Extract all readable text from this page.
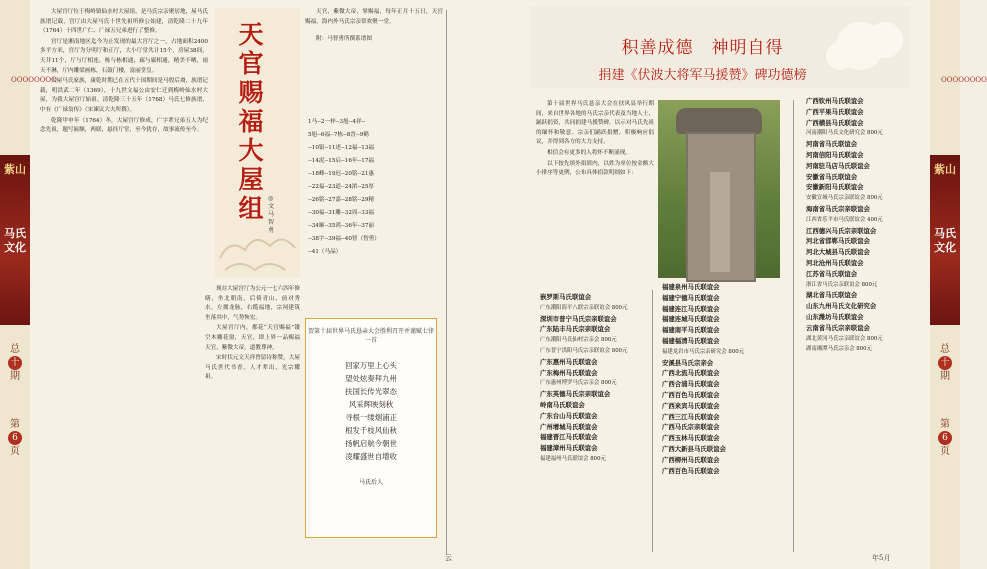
ΟΟΟΟΟΟΟΟ
紫山
马氏文化
总
十
期
第
6
页
ΟΟΟΟΟΟΟΟ
紫山
马氏文化
总
十
期
第
6
页

大屋宫厅位于梅岭镇仙水村大屋组，是马氏宗亲聚居地，屋马氏族谱记载，宫厅由大屋马氏十世先祖所修公始建，清乾隆二十九年（1764）十四世广仁、广禄五兄弟进行了整修。

宫厅是湘南地区迄今为止发现的最大宫厅之一，占地面积2400多平方米，宫厅为分明厅和正厅，大小厅堂共计15个，房屋38间，天井11个，厅与厅相连，栋与栋相通，廊与廊相通，精美不晒，雨天不淋，厅内雕梁画栋，石鼓门楼，富丽堂皇。

大屋马氏家族，康乾时期已在五代十国期间是马殷后裔，族谱记载，明洪武二年（1369），十九世文福公由安仁迁到梅岭仙水村大屋，为我大屋宫厅始祖。清乾隆三十五年（1768）马氏七修族谱，中有《广禄翁传》（宋谏议大夫所撰）。

乾隆甲申年（1764）冬，大屋宫厅修成，广字辈兄弟五人为纪念先祖，题写匾额，两联，悬挂厅堂，至今犹存，故事流传至今。

天官赐福大屋组 ◎文 马智勇

天官，紫微大帝，掌赐福，每年正月十五日，天官赐福，海内外马氏宗亲常欢聚一堂。

附：马智勇所撰系谱图

1马--2一梓--3旭--4祥--
5旭--6福--7栋--8晋--9鹤
--10银--11述--12福--13福
--14泥--15启--16年--17福
--18峰--19迟--20铭--21惠
--22福--23道--24浓--25厚
--26铭--27嘉--28铭--29精
--30福--31雕--32周--33福
--34顺--35鸿--36年--37丽
--38宇--39福--40智（智勇）
--41（马晶）

现存大屋宫厅为公元一七六四年修缮，坐北朝南，后倚青山，前对秀水，左拥龙脉，右揽福地，宗祠建筑坐落其中，气势恢宏。

大屋宫厅内，都花“天官赐福”镂空木雕花窗，天官，即上界一品赐福天官，紫微大帝，道教尊神。

宋时状元文天祥曾留诗称赞，大屋马氏世代书香，人才辈出，光宗耀祖。

贺第十届世界马氏恳亲大会胜利召开并谨赋七律一首
回家万里上心头
望处炫奏拜九州
扶国长传光翠态
风采辉映刻秋
寻根一缕烟浦正
根发千枝风仙秋
扬帆启航今朝世
凌耀盛世自增收
马氏后人
云
积善成德　神明自得
捐建《伏波大将军马援赞》碑功德榜

第十届世界马氏恳亲大会在扶风县举行期间，来自世界各地的马氏宗亲代表及当地人士，踊跃捐资，共同捐建马援赞碑，以示对马氏先祖的缅怀和敬意。宗亲们踊跃捐赠，积极响应倡议，并得到各方的大力支持。

相信会有更多的人将怀不断涌现。

以下按先填外捐填内，以姓为单位按金额大小排序等更例，公布具体捐款明细如下：

嵌罗斯马氏联谊会
广东潮阳海平八联宗亲联谊会 800元
深圳市普宁马氏宗亲联谊会
广东陆丰马氏宗亲联谊会
广东潮阳马氏仙村宗亲会 800元
广东普宁洪阳马氏宗亲联谊会 800元
广东惠州马氏联谊会
广东梅州马氏联谊会
广东惠州博罗马氏宗亲会 800元
广东英德马氏宗亲联谊会
岭南马氏联谊会
广东台山马氏联谊会
广州增城马氏联谊会
福建晋江马氏联谊会
福建漳州马氏联谊会
福建福州马氏联谊会 800元
福建泉州马氏联谊会
福建宁德马氏联谊会
福建连江马氏联谊会
福建连城马氏联谊会
福建南平马氏联谊会
福建福清马氏联谊会
福建龙岩市马氏宗亲研究会 800元
安溪县马氏宗亲会
广西北流马氏联谊会
广西合浦马氏联谊会
广西百色马氏联谊会
广西来宾马氏联谊会
广西三江马氏联谊会
广西马氏宗亲联谊会
广西玉林马氏联谊会
广西大新县马氏联谊会
广西柳州马氏联谊会
广西百色马氏联谊会
广西钦州马氏联谊会
广西平果马氏联谊会
广西横县马氏联谊会
河南潮阳马氏文化研究会 800元
河南省马氏联谊会
河南信阳马氏联谊会
河南驻马店马氏联谊会
安徽省马氏联谊会
安徽新阳马氏联谊会
安徽宣城马氏宗亲联谊会 800元
海南省马氏宗亲联谊会
江西省乐平市马氏联谊会 400元
江西德兴马氏宗亲联谊会
河北省邯郸马氏联谊会
河北大城县马氏联谊会
河北沧州马氏联谊会
江苏省马氏联谊会
浙江省马氏宗亲联谊会 800元
湖北省马氏联谊会
山东九州马氏文化研究会
山东潍坊马氏联谊会
云南省马氏宗亲联谊会
湖北黄冈马氏宗亲联谊会 800元
湖南湘潭马氏宗亲会 800元
年5月
